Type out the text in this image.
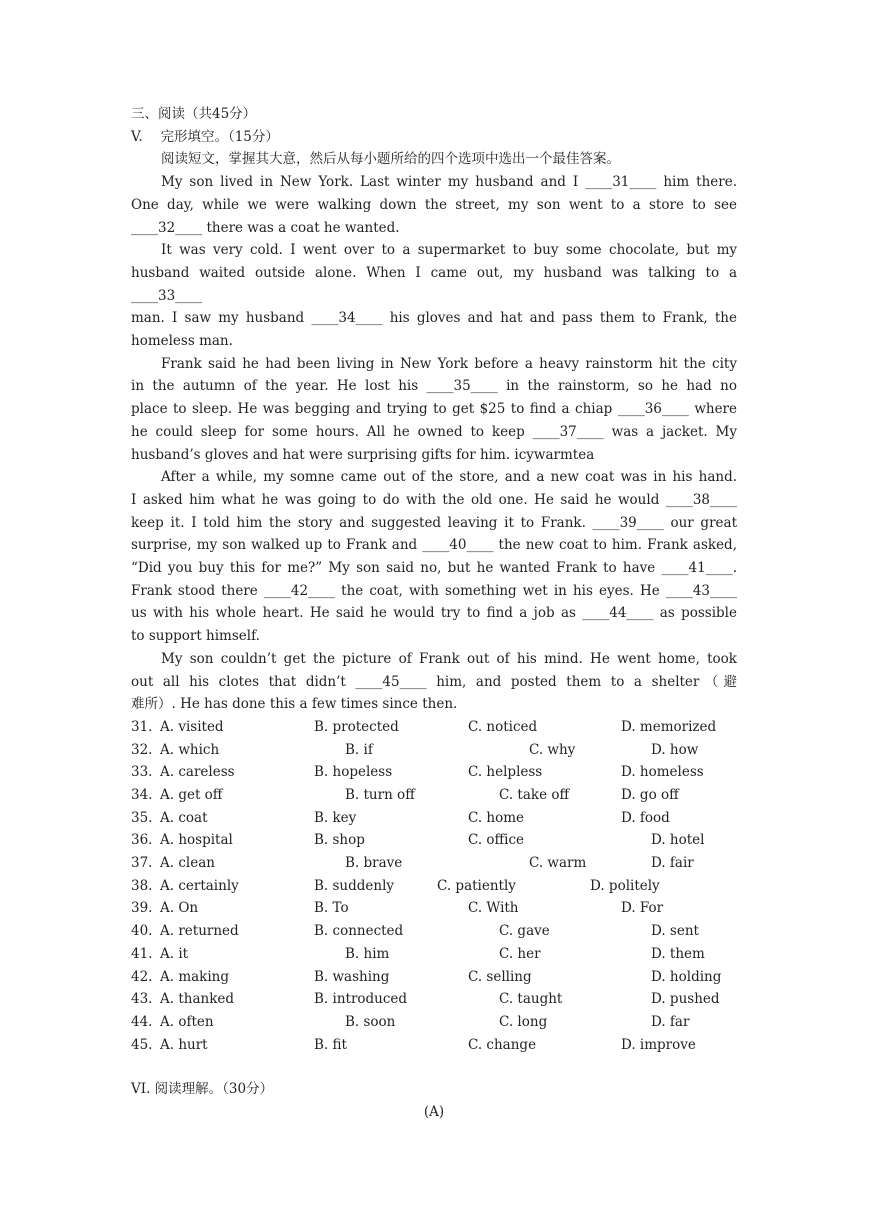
三、阅读（共45分）
V.　 完形填空。（15分）
阅读短文，掌握其大意，然后从每小题所给的四个选项中选出一个最佳答案。
My son lived in New York. Last winter my husband and I ____31____ him there.
One day, while we were walking down the street, my son went to a store to see
____32____ there was a coat he wanted.
It was very cold. I went over to a supermarket to buy some chocolate, but my
husband waited outside alone. When I came out, my husband was talking to a ____33____
man. I saw my husband ____34____ his gloves and hat and pass them to Frank, the
homeless man.
Frank said he had been living in New York before a heavy rainstorm hit the city
in the autumn of the year. He lost his ____35____ in the rainstorm, so he had no
place to sleep. He was begging and trying to get $25 to find a chiap ____36____ where
he could sleep for some hours. All he owned to keep ____37____ was a jacket. My
husband’s gloves and hat were surprising gifts for him. icywarmtea
After a while, my somne came out of the store, and a new coat was in his hand.
I asked him what he was going to do with the old one. He said he would ____38____
keep it. I told him the story and suggested leaving it to Frank. ____39____ our great
surprise, my son walked up to Frank and ____40____ the new coat to him. Frank asked,
“Did you buy this for me?” My son said no, but he wanted Frank to have ____41____.
Frank stood there ____42____ the coat, with something wet in his eyes. He ____43____
us with his whole heart. He said he would try to find a job as ____44____ as possible
to support himself.
My son couldn’t get the picture of Frank out of his mind. He went home, took
out all his clotes that didn’t ____45____ him, and posted them to a shelter（避
难所）. He has done this a few times since then.
31. A. visited	B. protected	C. noticed	D. memorized
32. A. which	B. if	C. why	D. how
33. A. careless	B. hopeless	C. helpless	D. homeless
34. A. get off	B. turn off	C. take off	D. go off
35. A. coat	B. key	C. home	D. food
36. A. hospital	B. shop	C. office	D. hotel
37. A. clean	B. brave	C. warm	D. fair
38. A. certainly	B. suddenly	C. patiently	D. politely
39. A. On	B. To	C. With	D. For
40. A. returned	B. connected	C. gave	D. sent
41. A. it	B. him	C. her	D. them
42. A. making	B. washing	C. selling	D. holding
43. A. thanked	B. introduced	C. taught	D. pushed
44. A. often	B. soon	C. long	D. far
45. A. hurt	B. fit	C. change	D. improve
VI. 阅读理解。（30分）
(A)
